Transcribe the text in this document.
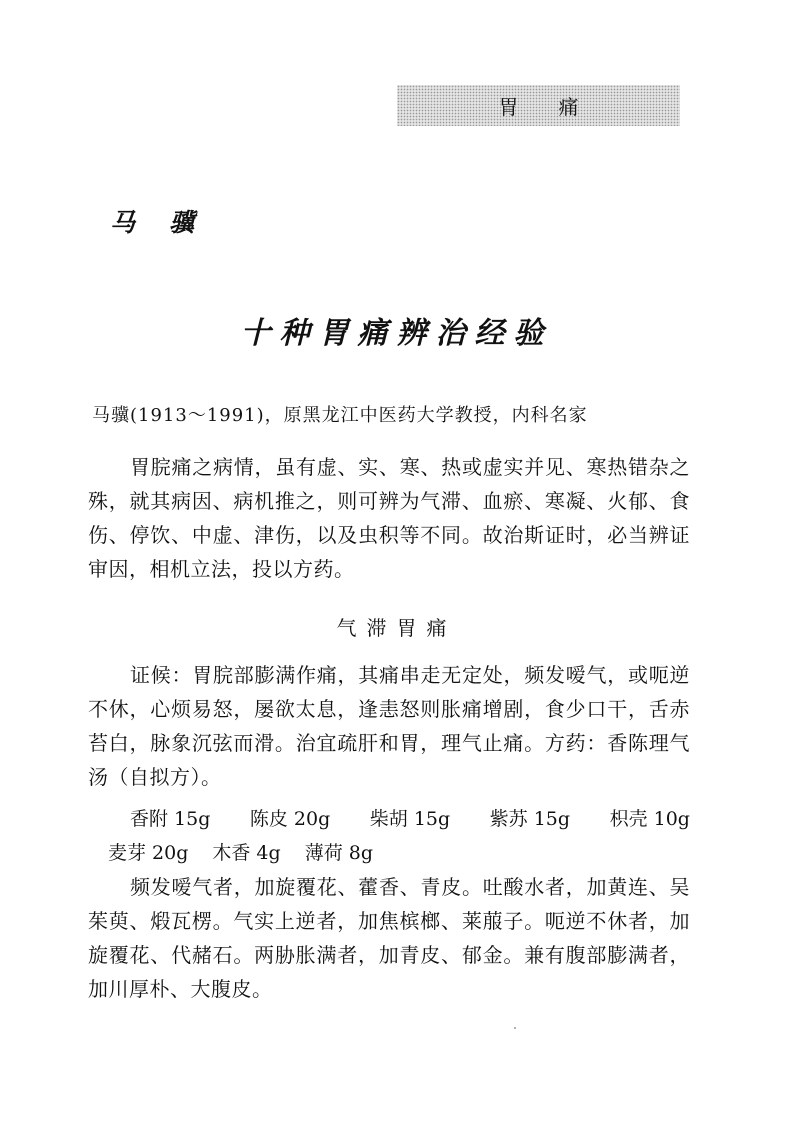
胃 痛
马骥
十种胃痛辨治经验
马骥(1913～1991)，原黑龙江中医药大学教授，内科名家
胃脘痛之病情，虽有虚、实、寒、热或虚实并见、寒热错杂之殊，就其病因、病机推之，则可辨为气滞、血瘀、寒凝、火郁、食伤、停饮、中虚、津伤，以及虫积等不同。故治斯证时，必当辨证审因，相机立法，投以方药。
气滞胃痛
证候：胃脘部膨满作痛，其痛串走无定处，频发嗳气，或呃逆不休，心烦易怒，屡欲太息，逢恚怒则胀痛增剧，食少口干，舌赤苔白，脉象沉弦而滑。治宜疏肝和胃，理气止痛。方药：香陈理气汤（自拟方）。
香附 15g 陈皮 20g 柴胡 15g 紫苏 15g 枳壳 10g
麦芽 20g 木香 4g 薄荷 8g
频发嗳气者，加旋覆花、藿香、青皮。吐酸水者，加黄连、吴茱萸、煅瓦楞。气实上逆者，加焦槟榔、莱菔子。呃逆不休者，加旋覆花、代赭石。两胁胀满者，加青皮、郁金。兼有腹部膨满者，加川厚朴、大腹皮。
